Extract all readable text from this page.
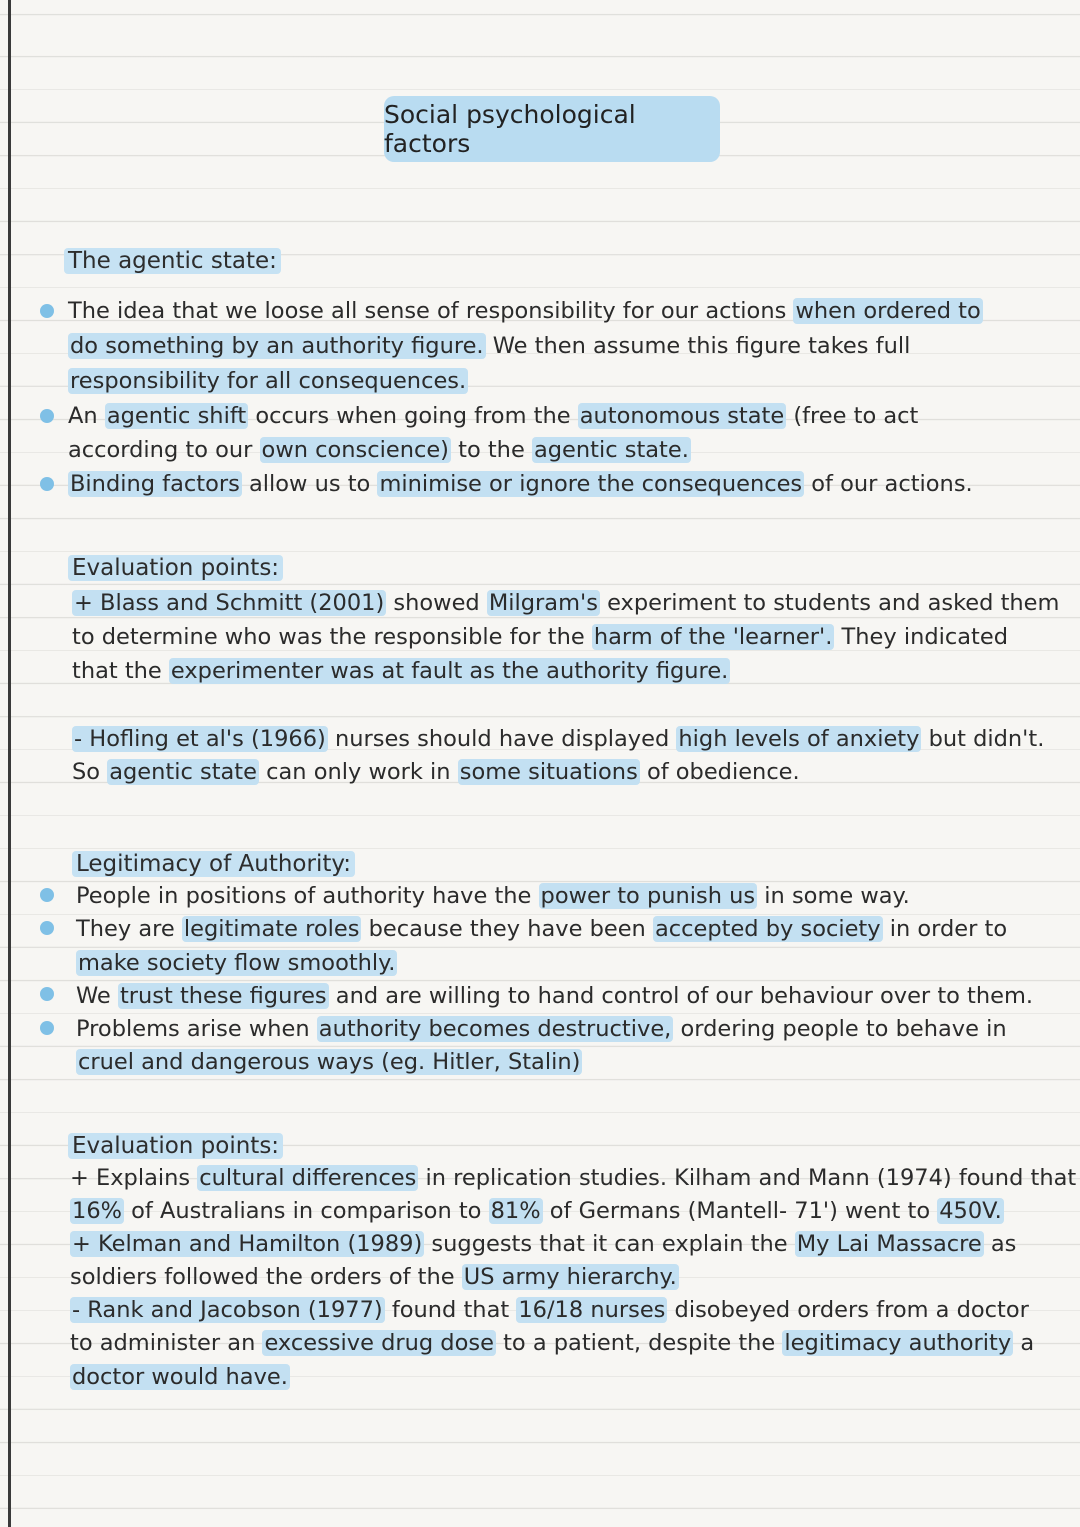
Social psychological factors
The agentic state:
The idea that we loose all sense of responsibility for our actions when ordered to
do something by an authority figure. We then assume this figure takes full
responsibility for all consequences.
An agentic shift occurs when going from the autonomous state (free to act
according to our own conscience) to the agentic state.
Binding factors allow us to minimise or ignore the consequences of our actions.
Evaluation points:
+ Blass and Schmitt (2001) showed Milgram's experiment to students and asked them
to determine who was the responsible for the harm of the 'learner'. They indicated
that the experimenter was at fault as the authority figure.
- Hofling et al's (1966) nurses should have displayed high levels of anxiety but didn't.
So agentic state can only work in some situations of obedience.
Legitimacy of Authority:
People in positions of authority have the power to punish us in some way.
They are legitimate roles because they have been accepted by society in order to
make society flow smoothly.
We trust these figures and are willing to hand control of our behaviour over to them.
Problems arise when authority becomes destructive, ordering people to behave in
cruel and dangerous ways (eg. Hitler, Stalin)
Evaluation points:
+ Explains cultural differences in replication studies. Kilham and Mann (1974) found that
16% of Australians in comparison to 81% of Germans (Mantell- 71') went to 450V.
+ Kelman and Hamilton (1989) suggests that it can explain the My Lai Massacre as
soldiers followed the orders of the US army hierarchy.
- Rank and Jacobson (1977) found that 16/18 nurses disobeyed orders from a doctor
to administer an excessive drug dose to a patient, despite the legitimacy authority a
doctor would have.
